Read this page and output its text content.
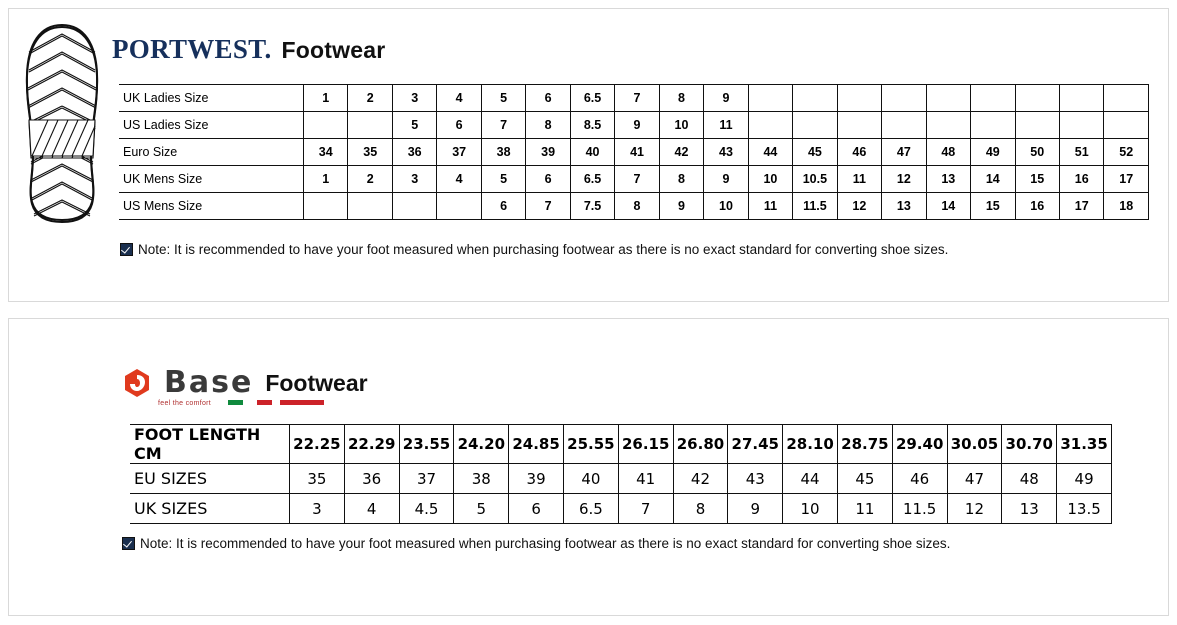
PORTWEST. Footwear
UK Ladies Size	1	2	3	4	5	6	6.5	7	8	9									
US Ladies Size			5	6	7	8	8.5	9	10	11									
Euro Size	34	35	36	37	38	39	40	41	42	43	44	45	46	47	48	49	50	51	52
UK Mens Size	1	2	3	4	5	6	6.5	7	8	9	10	10.5	11	12	13	14	15	16	17
US Mens Size					6	7	7.5	8	9	10	11	11.5	12	13	14	15	16	17	18
Note: It is recommended to have your foot measured when purchasing footwear as there is no exact standard for converting shoe sizes.
Base Footwear
feel the comfort
FOOT LENGTH CM	22.25	22.29	23.55	24.20	24.85	25.55	26.15	26.80	27.45	28.10	28.75	29.40	30.05	30.70	31.35
EU SIZES	35	36	37	38	39	40	41	42	43	44	45	46	47	48	49
UK SIZES	3	4	4.5	5	6	6.5	7	8	9	10	11	11.5	12	13	13.5
Note: It is recommended to have your foot measured when purchasing footwear as there is no exact standard for converting shoe sizes.
